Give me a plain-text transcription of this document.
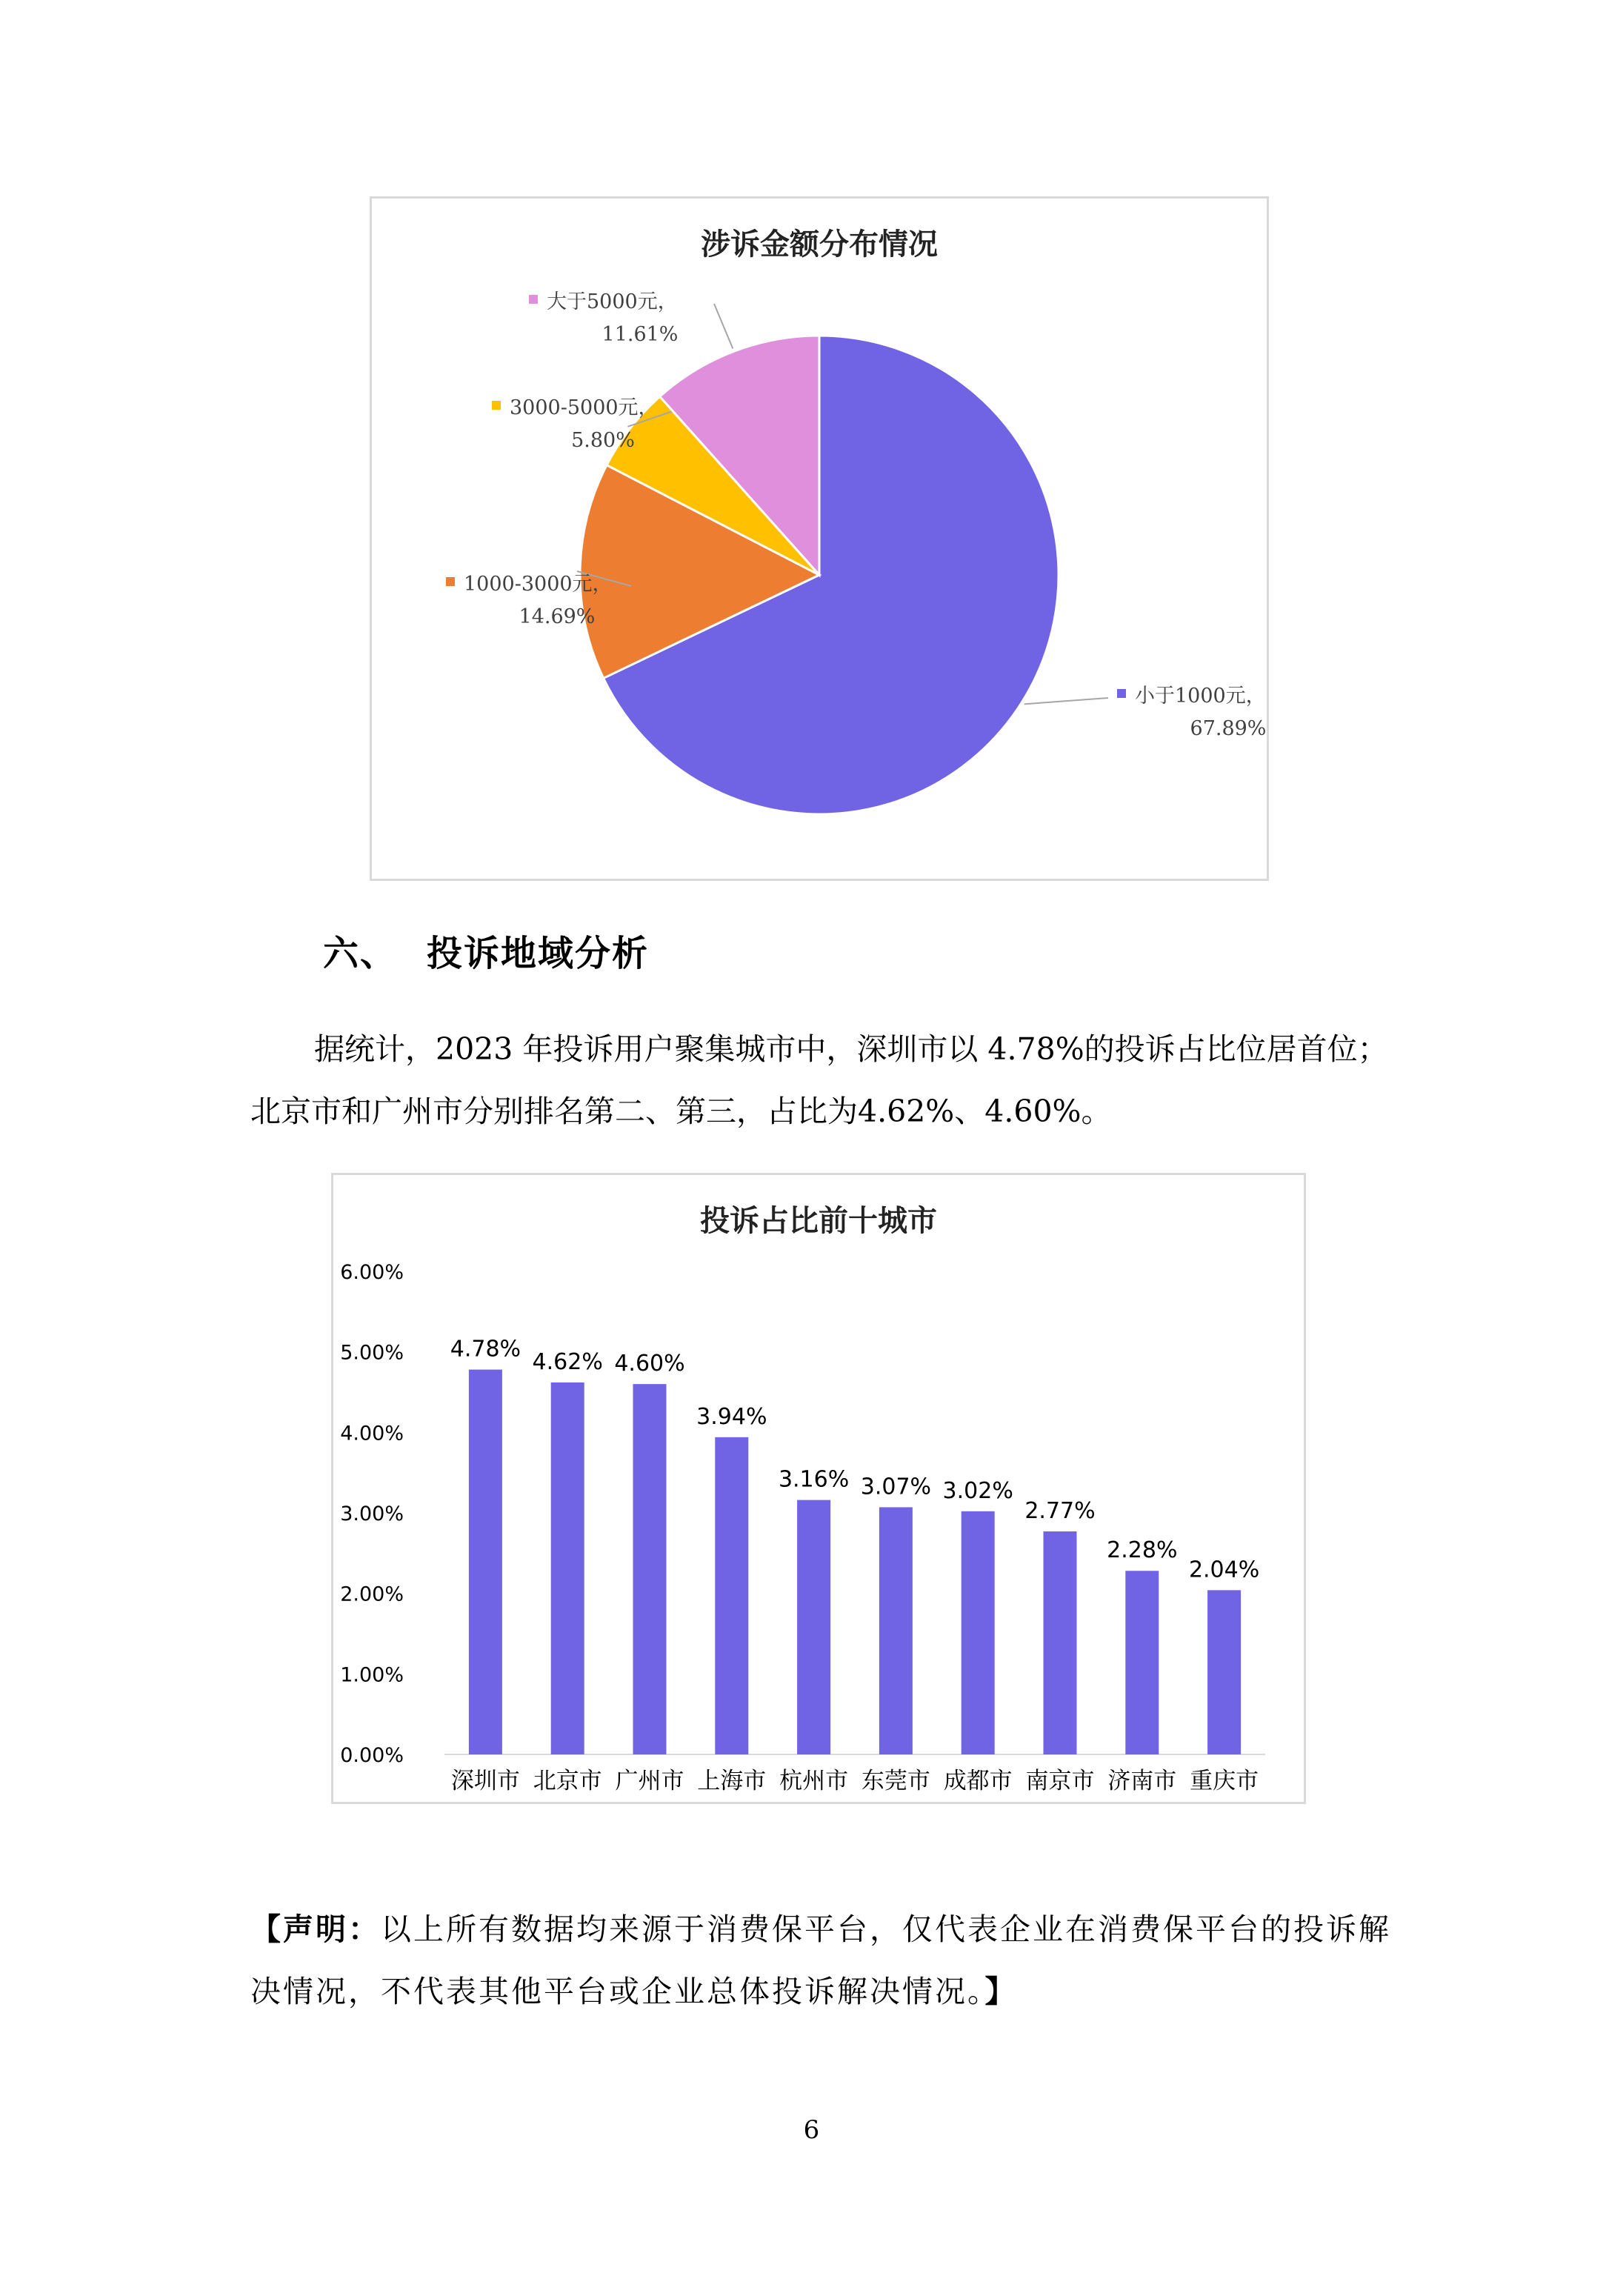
涉诉金额分布情况
小于1000元，
67.89%
1000-3000元，
14.69%
3000-5000元，
5.80%
大于5000元，
11.61%
六、 投诉地域分析
据统计，2023 年投诉用户聚集城市中，深圳市以 4.78%的投诉占比位居首位；北京市和广州市分别排名第二、第三，占比为4.62%、4.60%。
投诉占比前十城市
0.00%
1.00%
2.00%
3.00%
4.00%
5.00%
6.00%
4.78%
深圳市
4.62%
北京市
4.60%
广州市
3.94%
上海市
3.16%
杭州市
3.07%
东莞市
3.02%
成都市
2.77%
南京市
2.28%
济南市
2.04%
重庆市
【声明：以上所有数据均来源于消费保平台，仅代表企业在消费保平台的投诉解决情况，不代表其他平台或企业总体投诉解决情况。】
6
